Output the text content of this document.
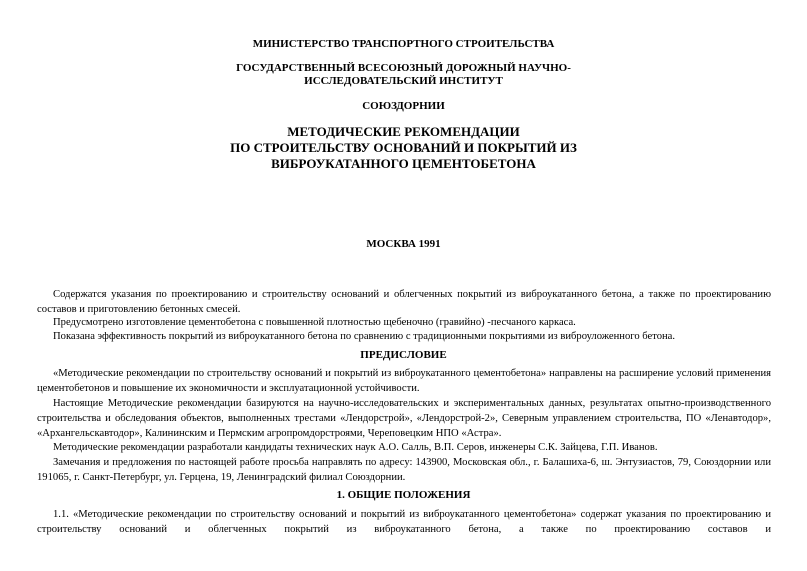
МИНИСТЕРСТВО ТРАНСПОРТНОГО СТРОИТЕЛЬСТВА
ГОСУДАРСТВЕННЫЙ ВСЕСОЮЗНЫЙ ДОРОЖНЫЙ НАУЧНО-
ИССЛЕДОВАТЕЛЬСКИЙ ИНСТИТУТ
СОЮЗДОРНИИ
МЕТОДИЧЕСКИЕ РЕКОМЕНДАЦИИ
ПО СТРОИТЕЛЬСТВУ ОСНОВАНИЙ И ПОКРЫТИЙ ИЗ
ВИБРОУКАТАННОГО ЦЕМЕНТОБЕТОНА
МОСКВА 1991
Содержатся указания по проектированию и строительству оснований и облегченных покрытий из виброукатанного бетона, а также по проектированию составов и приготовлению бетонных смесей.
Предусмотрено изготовление цементобетона с повышенной плотностью щебеночно (гравийно) -песчаного каркаса.
Показана эффективность покрытий из виброукатанного бетона по сравнению с традиционными покрытиями из виброуложенного бетона.
ПРЕДИСЛОВИЕ
«Методические рекомендации по строительству оснований и покрытий из виброукатанного цементобетона» направлены на расширение условий применения цементобетонов и повышение их экономичности и эксплуатационной устойчивости.
Настоящие Методические рекомендации базируются на научно-исследовательских и экспериментальных данных, результатах опытно-производственного строительства и обследования объектов, выполненных трестами «Лендорстрой», «Лендорстрой-2», Северным управлением строительства, ПО «Ленавтодор», «Архангельскавтодор», Калининским и Пермским агропромдорстроями, Череповецким НПО «Астра».
Методические рекомендации разработали кандидаты технических наук А.О. Салль, В.П. Серов, инженеры С.К. Зайцева, Г.П. Иванов.
Замечания и предложения по настоящей работе просьба направлять по адресу: 143900, Московская обл., г. Балашиха-6, ш. Энтузиастов, 79, Союздорнии или 191065, г. Санкт-Петербург, ул. Герцена, 19, Ленинградский филиал Союздорнии.
1. ОБЩИЕ ПОЛОЖЕНИЯ
1.1. «Методические рекомендации по строительству оснований и покрытий из виброукатанного цементобетона» содержат указания по проектированию и строительству оснований и облегченных покрытий из виброукатанного бетона, а также по проектированию составов и
